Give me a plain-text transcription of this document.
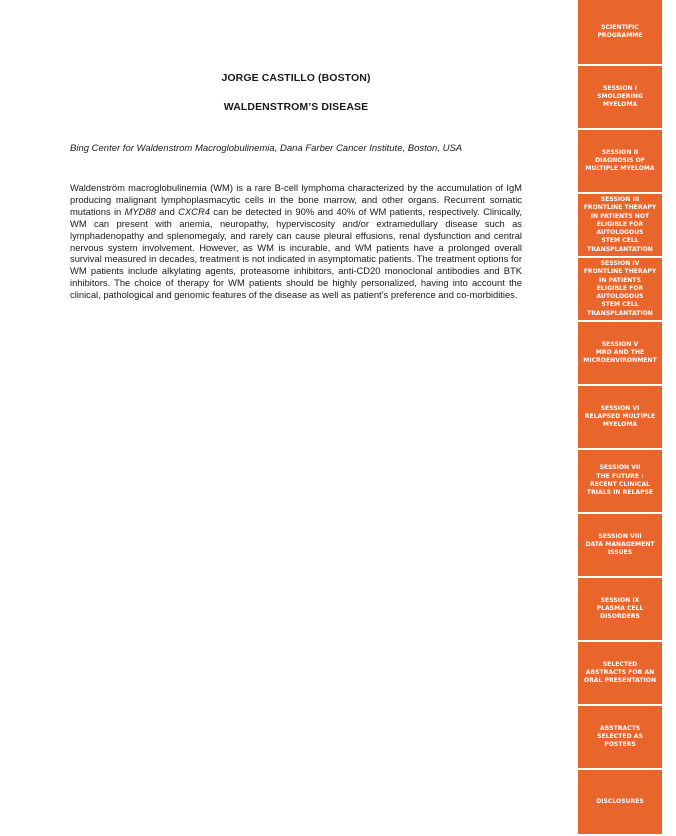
JORGE CASTILLO (BOSTON)
WALDENSTROM’S DISEASE
Bing Center for Waldenstrom Macroglobulinemia, Dana Farber Cancer Institute, Boston, USA
Waldenström macroglobulinemia (WM) is a rare B-cell lymphoma characterized by the accumulation of IgM producing malignant lymphoplasmacytic cells in the bone marrow, and other organs. Recurrent somatic mutations in MYD88 and CXCR4 can be detected in 90% and 40% of WM patients, respectively. Clinically, WM can present with anemia, neuropathy, hyperviscosity and/or extramedullary disease such as lymphadenopathy and splenomegaly, and rarely can cause pleural effusions, renal dysfunction and central nervous system involvement. However, as WM is incurable, and WM patients have a prolonged overall survival measured in decades, treatment is not indicated in asymptomatic patients. The treatment options for WM patients include alkylating agents, proteasome inhibitors, anti-CD20 monoclonal antibodies and BTK inhibitors. The choice of therapy for WM patients should be highly personalized, having into account the clinical, pathological and genomic features of the disease as well as patient’s preference and co-morbidities.
SCIENTIFIC
PROGRAMME
SESSION I
SMOLDERING
MYELOMA
SESSION II
DIAGNOSIS OF
MULTIPLE MYELOMA
SESSION III
FRONTLINE THERAPY
IN PATIENTS NOT
ELIGIBLE FOR
AUTOLOGOUS
STEM CELL
TRANSPLANTATION
SESSION IV
FRONTLINE THERAPY
IN PATIENTS
ELIGIBLE FOR
AUTOLOGOUS
STEM CELL
TRANSPLANTATION
SESSION V
MRD AND THE
MICROENVIRONMENT
SESSION VI
RELAPSED MULTIPLE
MYELOMA
SESSION VII
THE FUTURE :
RECENT CLINICAL
TRIALS IN RELAPSE
SESSION VIII
DATA MANAGEMENT
ISSUES
SESSION IX
PLASMA CELL
DISORDERS
SELECTED
ABSTRACTS FOR AN
ORAL PRESENTATION
ABSTRACTS
SELECTED AS
POSTERS
DISCLOSURES
